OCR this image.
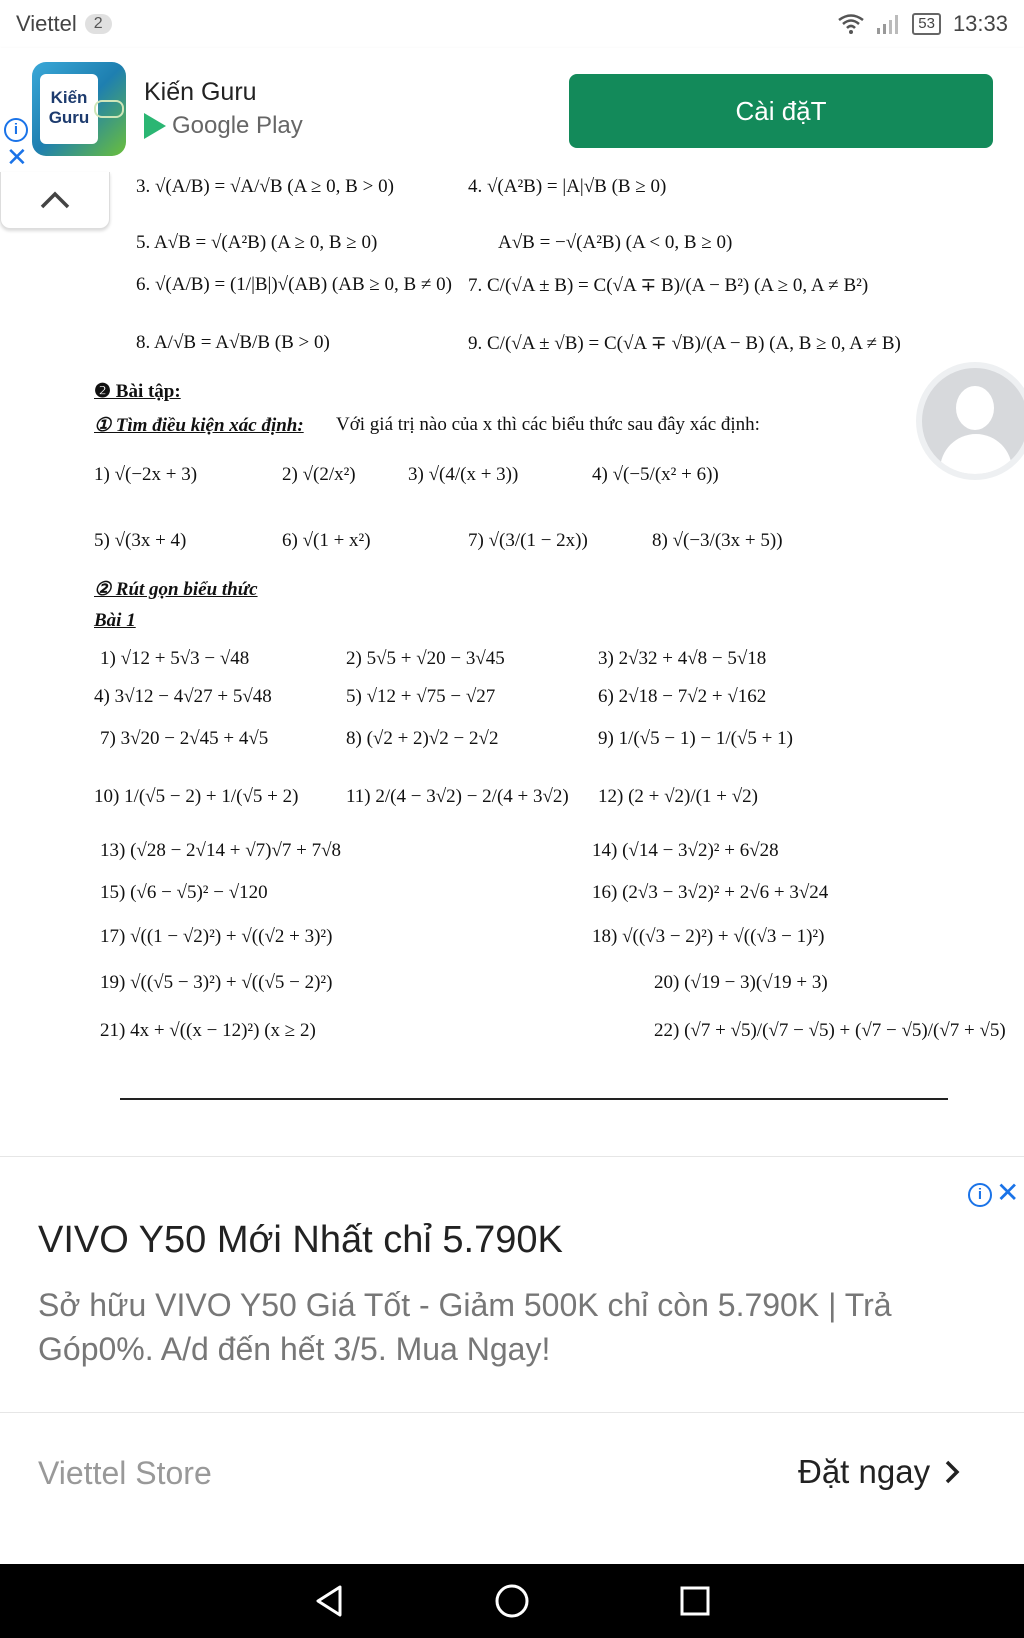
Viettel	2	53 13:33
Kiến Guru
Kiến Guru
Google Play	Cài đặT
i
✕
3. √(A/B) = √A/√B (A ≥ 0, B > 0)	4. √(A²B) = |A|√B (B ≥ 0)
5. A√B = √(A²B) (A ≥ 0, B ≥ 0)	A√B = −√(A²B) (A < 0, B ≥ 0)
6. √(A/B) = (1/|B|)√(AB) (AB ≥ 0, B ≠ 0) 7. C/(√A ± B) = C(√A ∓ B)/(A − B²) (A ≥ 0, A ≠ B²)
8. A/√B = A√B/B (B > 0)	9. C/(√A ± √B) = C(√A ∓ √B)/(A − B) (A, B ≥ 0, A ≠ B)
❷ Bài tập:
① Tìm điều kiện xác định: Với giá trị nào của x thì các biểu thức sau đây xác định:
1) √(−2x + 3)	2) √(2/x²)	3) √(4/(x + 3))	4) √(−5/(x² + 6))
5) √(3x + 4)	6) √(1 + x²)	7) √(3/(1 − 2x))	8) √(−3/(3x + 5))
② Rút gọn biểu thức
Bài 1
1) √12 + 5√3 − √48	2) 5√5 + √20 − 3√45	3) 2√32 + 4√8 − 5√18
4) 3√12 − 4√27 + 5√48	5) √12 + √75 − √27	6) 2√18 − 7√2 + √162
7) 3√20 − 2√45 + 4√5	8) (√2 + 2)√2 − 2√2	9) 1/(√5 − 1) − 1/(√5 + 1)
10) 1/(√5 − 2) + 1/(√5 + 2)	11) 2/(4 − 3√2) − 2/(4 + 3√2) 12) (2 + √2)/(1 + √2)
13) (√28 − 2√14 + √7)√7 + 7√8	14) (√14 − 3√2)² + 6√28
15) (√6 − √5)² − √120	16) (2√3 − 3√2)² + 2√6 + 3√24
17) √((1 − √2)²) + √((√2 + 3)²)	18) √((√3 − 2)²) + √((√3 − 1)²)
19) √((√5 − 3)²) + √((√5 − 2)²)	20) (√19 − 3)(√19 + 3)
21) 4x + √((x − 12)²) (x ≥ 2)	22) (√7 + √5)/(√7 − √5) + (√7 − √5)/(√7 + √5)
i ✕
VIVO Y50 Mới Nhất chỉ 5.790K
Sở hữu VIVO Y50 Giá Tốt - Giảm 500K chỉ còn 5.790K | Trả Góp0%. A/d đến hết 3/5. Mua Ngay!
Viettel Store	Đặt ngay
